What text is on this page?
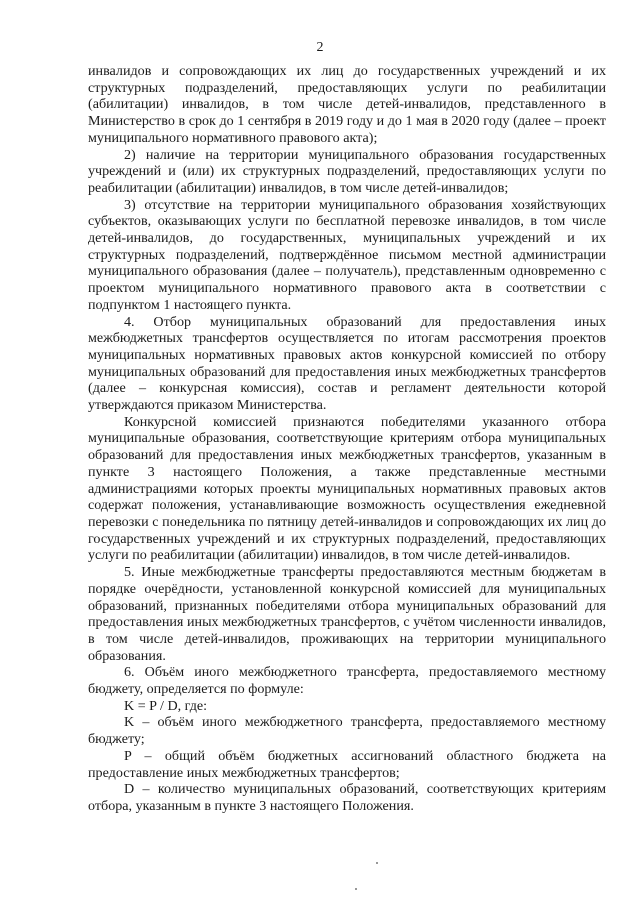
2

инвалидов и сопровождающих их лиц до государственных учреждений и их структурных подразделений, предоставляющих услуги по реабилитации (абилитации) инвалидов, в том числе детей-инвалидов, представленного в Министерство в срок до 1 сентября в 2019 году и до 1 мая в 2020 году (далее – проект муниципального нормативного правового акта);

2) наличие на территории муниципального образования государственных учреждений и (или) их структурных подразделений, предоставляющих услуги по реабилитации (абилитации) инвалидов, в том числе детей-инвалидов;

3) отсутствие на территории муниципального образования хозяйствующих субъектов, оказывающих услуги по бесплатной перевозке инвалидов, в том числе детей-инвалидов, до государственных, муниципальных учреждений и их структурных подразделений, подтверждённое письмом местной администрации муниципального образования (далее – получатель), представленным одновременно с проектом муниципального нормативного правового акта в соответствии с подпунктом 1 настоящего пункта.

4. Отбор муниципальных образований для предоставления иных межбюджетных трансфертов осуществляется по итогам рассмотрения проектов муниципальных нормативных правовых актов конкурсной комиссией по отбору муниципальных образований для предоставления иных межбюджетных трансфертов (далее – конкурсная комиссия), состав и регламент деятельности которой утверждаются приказом Министерства.

Конкурсной комиссией признаются победителями указанного отбора муниципальные образования, соответствующие критериям отбора муниципальных образований для предоставления иных межбюджетных трансфертов, указанным в пункте 3 настоящего Положения, а также представленные местными администрациями которых проекты муниципальных нормативных правовых актов содержат положения, устанавливающие возможность осуществления ежедневной перевозки с понедельника по пятницу детей-инвалидов и сопровождающих их лиц до государственных учреждений и их структурных подразделений, предоставляющих услуги по реабилитации (абилитации) инвалидов, в том числе детей-инвалидов.

5. Иные межбюджетные трансферты предоставляются местным бюджетам в порядке очерёдности, установленной конкурсной комиссией для муниципальных образований, признанных победителями отбора муниципальных образований для предоставления иных межбюджетных трансфертов, с учётом численности инвалидов, в том числе детей-инвалидов, проживающих на территории муниципального образования.

6. Объём иного межбюджетного трансферта, предоставляемого местному бюджету, определяется по формуле:

K = P / D, где:

K – объём иного межбюджетного трансферта, предоставляемого местному бюджету;

P – общий объём бюджетных ассигнований областного бюджета на предоставление иных межбюджетных трансфертов;

D – количество муниципальных образований, соответствующих критериям отбора, указанным в пункте 3 настоящего Положения.
